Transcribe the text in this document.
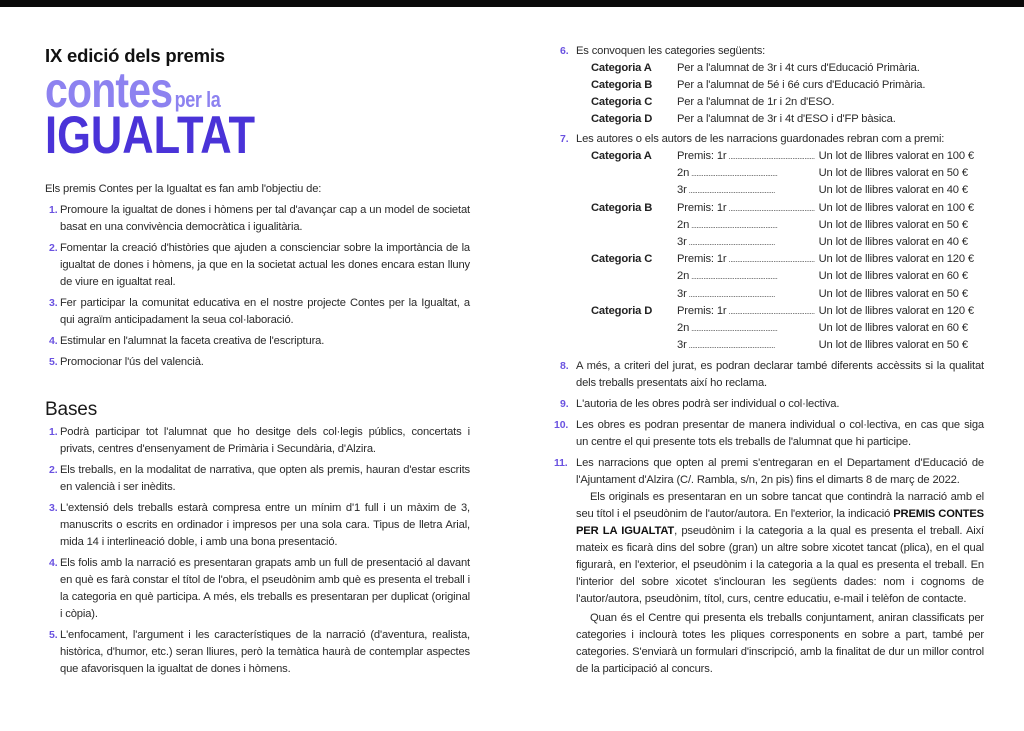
IX edició dels premis
contes per la
IGUALTAT
Els premis Contes per la Igualtat es fan amb l'objectiu de:
1. Promoure la igualtat de dones i hòmens per tal d'avançar cap a un model de societat basat en una convivència democràtica i igualitària.
2. Fomentar la creació d'històries que ajuden a conscienciar sobre la importància de la igualtat de dones i hòmens, ja que en la societat actual les dones encara estan lluny de viure en igualtat real.
3. Fer participar la comunitat educativa en el nostre projecte Contes per la Igualtat, a qui agraïm anticipadament la seua col·laboració.
4. Estimular en l'alumnat la faceta creativa de l'escriptura.
5. Promocionar l'ús del valencià.
Bases
1. Podrà participar tot l'alumnat que ho desitge dels col·legis públics, concertats i privats, centres d'ensenyament de Primària i Secundària, d'Alzira.
2. Els treballs, en la modalitat de narrativa, que opten als premis, hauran d'estar escrits en valencià i ser inèdits.
3. L'extensió dels treballs estarà compresa entre un mínim d'1 full i un màxim de 3, manuscrits o escrits en ordinador i impresos per una sola cara. Tipus de lletra Arial, mida 14 i interlineació doble, i amb una bona presentació.
4. Els folis amb la narració es presentaran grapats amb un full de presentació al davant en què es farà constar el títol de l'obra, el pseudònim amb què es presenta el treball i la categoria en què participa. A més, els treballs es presentaran per duplicat (original i còpia).
5. L'enfocament, l'argument i les característiques de la narració (d'aventura, realista, històrica, d'humor, etc.) seran lliures, però la temàtica haurà de contemplar aspectes que afavorisquen la igualtat de dones i hòmens.
6. Es convoquen les categories següents:
Categoria A	Per a l'alumnat de 3r i 4t curs d'Educació Primària.
Categoria B	Per a l'alumnat de 5é i 6é curs d'Educació Primària.
Categoria C	Per a l'alumnat de 1r i 2n d'ESO.
Categoria D	Per a l'alumnat de 3r i 4t d'ESO i d'FP bàsica.
7. Les autores o els autors de les narracions guardonades rebran com a premi:
Categoria A	Premis: 1r ..................................................	Un lot de llibres valorat en 100 €
	2n ..................................................	Un lot de llibres valorat en 50 €
	3r ..................................................	Un lot de llibres valorat en 40 €
Categoria B	Premis: 1r ..................................................	Un lot de llibres valorat en 100 €
	2n ..................................................	Un lot de llibres valorat en 50 €
	3r ..................................................	Un lot de llibres valorat en 40 €
Categoria C	Premis: 1r ..................................................	Un lot de llibres valorat en 120 €
	2n ..................................................	Un lot de llibres valorat en 60 €
	3r ..................................................	Un lot de llibres valorat en 50 €
Categoria D	Premis: 1r ..................................................	Un lot de llibres valorat en 120 €
	2n ..................................................	Un lot de llibres valorat en 60 €
	3r ..................................................	Un lot de llibres valorat en 50 €
8. A més, a criteri del jurat, es podran declarar també diferents accèssits si la qualitat dels treballs presentats així ho reclama.
9. L'autoria de les obres podrà ser individual o col·lectiva.
10. Les obres es podran presentar de manera individual o col·lectiva, en cas que siga un centre el qui presente tots els treballs de l'alumnat que hi participe.
11. Les narracions que opten al premi s'entregaran en el Departament d'Educació de l'Ajuntament d'Alzira (C/. Rambla, s/n, 2n pis) fins el dimarts 8 de març de 2022.
Els originals es presentaran en un sobre tancat que contindrà la narració amb el seu títol i el pseudònim de l'autor/autora. En l'exterior, la indicació PREMIS CONTES PER LA IGUALTAT, pseudònim i la categoria a la qual es presenta el treball. Així mateix es ficarà dins del sobre (gran) un altre sobre xicotet tancat (plica), en el qual figurarà, en l'exterior, el pseudònim i la categoria a la qual es presenta el treball. En l'interior del sobre xicotet s'inclouran les següents dades: nom i cognoms de l'autor/autora, pseudònim, títol, curs, centre educatiu, e-mail i telèfon de contacte.
Quan és el Centre qui presenta els treballs conjuntament, aniran classificats per categories i inclourà totes les pliques corresponents en sobre a part, també per categories. S'enviarà un formulari d'inscripció, amb la finalitat de dur un millor control de la participació al concurs.
